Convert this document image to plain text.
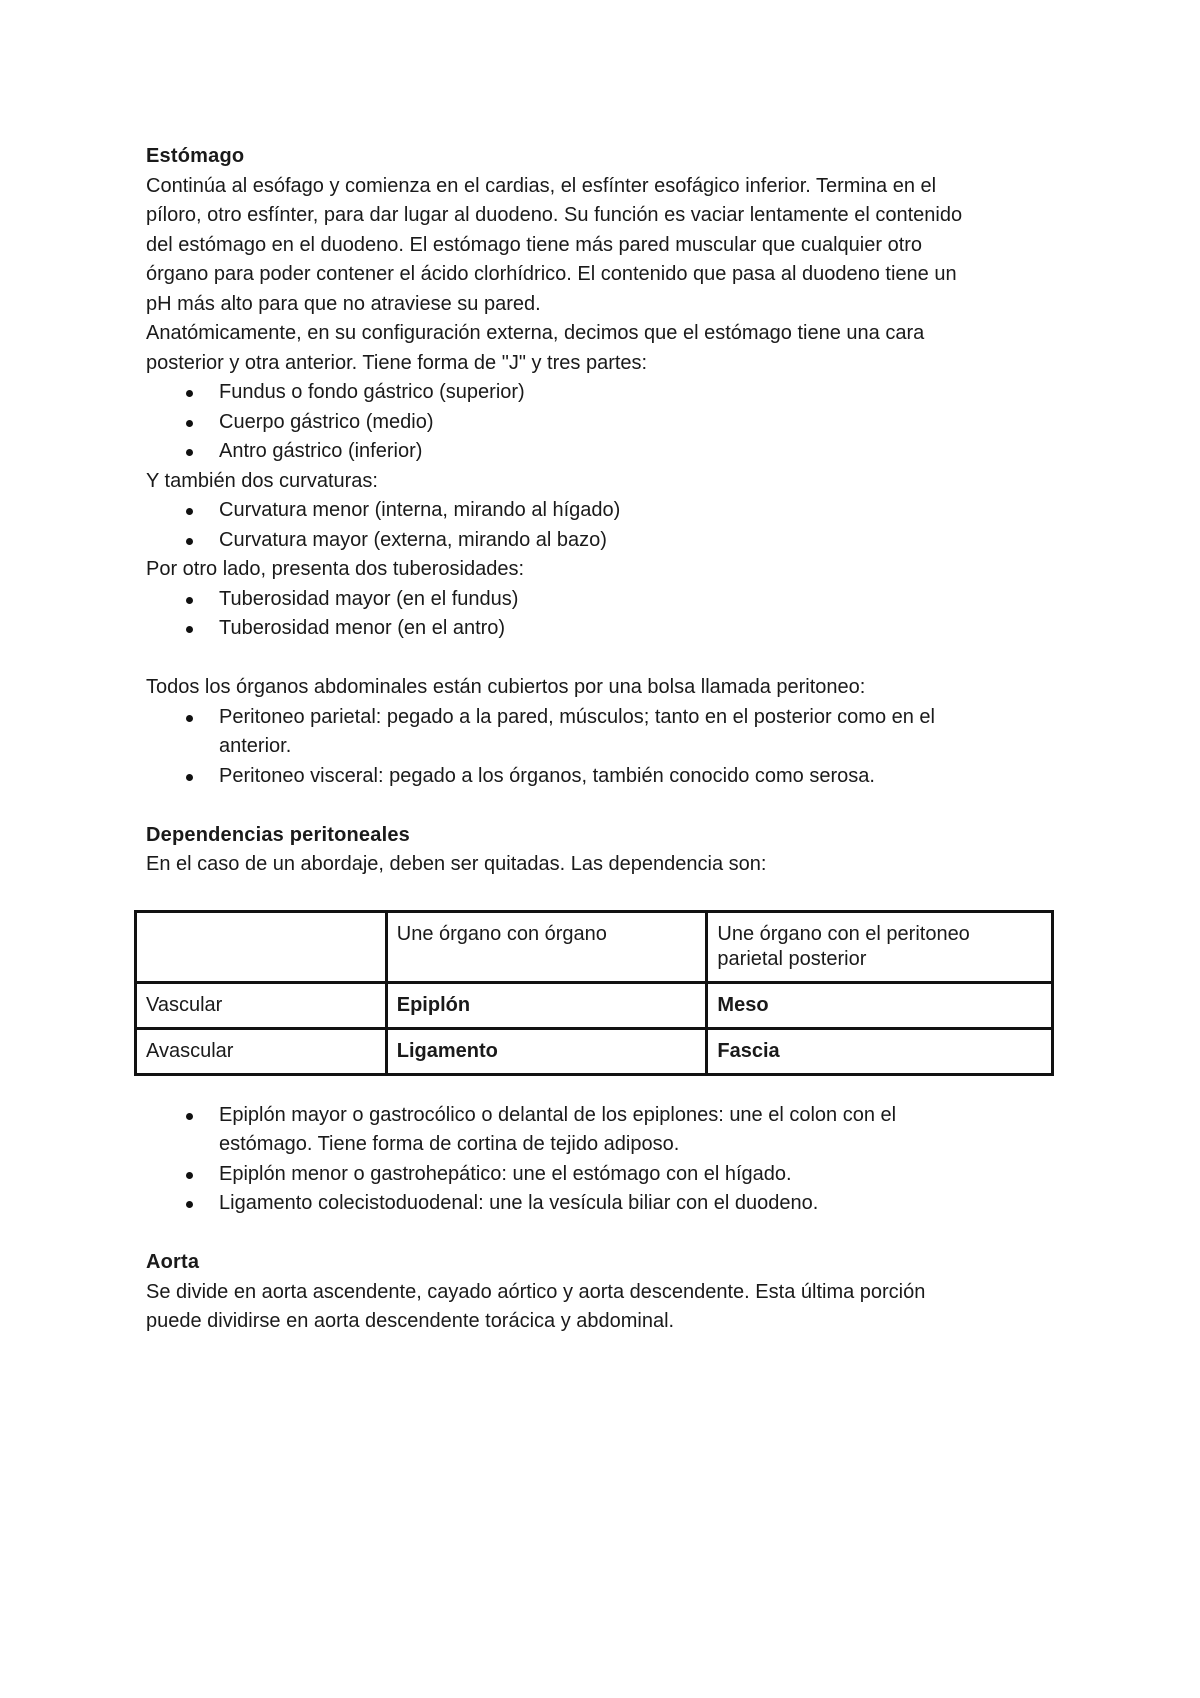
Estómago

Continúa al esófago y comienza en el cardias, el esfínter esofágico inferior. Termina en el
píloro, otro esfínter, para dar lugar al duodeno. Su función es vaciar lentamente el contenido
del estómago en el duodeno. El estómago tiene más pared muscular que cualquier otro
órgano para poder contener el ácido clorhídrico. El contenido que pasa al duodeno tiene un
pH más alto para que no atraviese su pared.

Anatómicamente, en su configuración externa, decimos que el estómago tiene una cara
posterior y otra anterior. Tiene forma de "J" y tres partes:

Fundus o fondo gástrico (superior)
Cuerpo gástrico (medio)
Antro gástrico (inferior)

Y también dos curvaturas:

Curvatura menor (interna, mirando al hígado)
Curvatura mayor (externa, mirando al bazo)

Por otro lado, presenta dos tuberosidades:

Tuberosidad mayor (en el fundus)
Tuberosidad menor (en el antro)

Todos los órganos abdominales están cubiertos por una bolsa llamada peritoneo:

Peritoneo parietal: pegado a la pared, músculos; tanto en el posterior como en el
anterior.
Peritoneo visceral: pegado a los órganos, también conocido como serosa.

Dependencias peritoneales

En el caso de un abordaje, deben ser quitadas. Las dependencia son:

	Une órgano con órgano	Une órgano con el peritoneo
parietal posterior
Vascular	Epiplón	Meso
Avascular	Ligamento	Fascia
Epiplón mayor o gastrocólico o delantal de los epiplones: une el colon con el
estómago. Tiene forma de cortina de tejido adiposo.
Epiplón menor o gastrohepático: une el estómago con el hígado.
Ligamento colecistoduodenal: une la vesícula biliar con el duodeno.

Aorta

Se divide en aorta ascendente, cayado aórtico y aorta descendente. Esta última porción
puede dividirse en aorta descendente torácica y abdominal.
